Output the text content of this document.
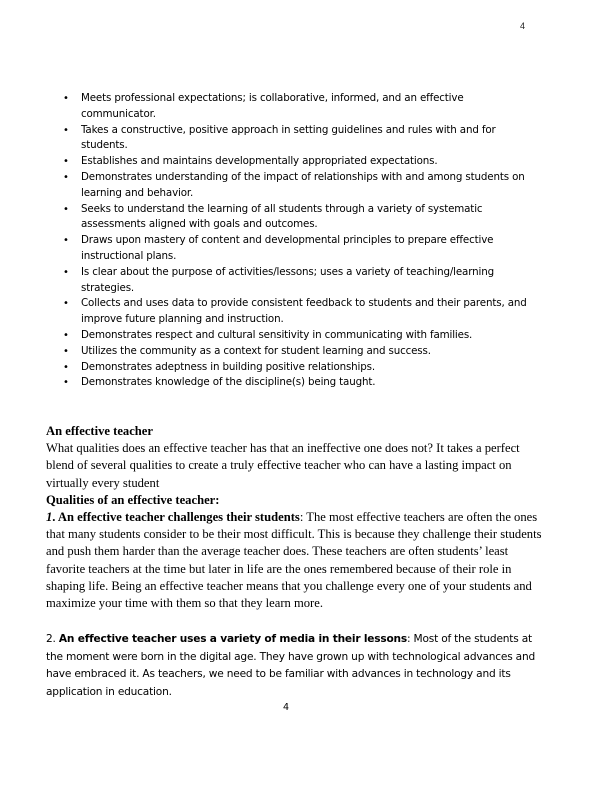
4
• Meets professional expectations; is collaborative, informed, and an effective communicator.
• Takes a constructive, positive approach in setting guidelines and rules with and for students.
• Establishes and maintains developmentally appropriated expectations.
• Demonstrates understanding of the impact of relationships with and among students on learning and behavior.
• Seeks to understand the learning of all students through a variety of systematic assessments aligned with goals and outcomes.
• Draws upon mastery of content and developmental principles to prepare effective instructional plans.
• Is clear about the purpose of activities/lessons; uses a variety of teaching/learning strategies.
• Collects and uses data to provide consistent feedback to students and their parents, and improve future planning and instruction.
• Demonstrates respect and cultural sensitivity in communicating with families.
• Utilizes the community as a context for student learning and success.
• Demonstrates adeptness in building positive relationships.
• Demonstrates knowledge of the discipline(s) being taught.

An effective teacher

What qualities does an effective teacher has that an ineffective one does not? It takes a perfect blend of several qualities to create a truly effective teacher who can have a lasting impact on virtually every student

Qualities of an effective teacher:

1. An effective teacher challenges their students: The most effective teachers are often the ones that many students consider to be their most difficult. This is because they challenge their students and push them harder than the average teacher does. These teachers are often students’ least favorite teachers at the time but later in life are the ones remembered because of their role in shaping life. Being an effective teacher means that you challenge every one of your students and maximize your time with them so that they learn more.

2. An effective teacher uses a variety of media in their lessons: Most of the students at the moment were born in the digital age. They have grown up with technological advances and have embraced it. As teachers, we need to be familiar with advances in technology and its application in education.

4
